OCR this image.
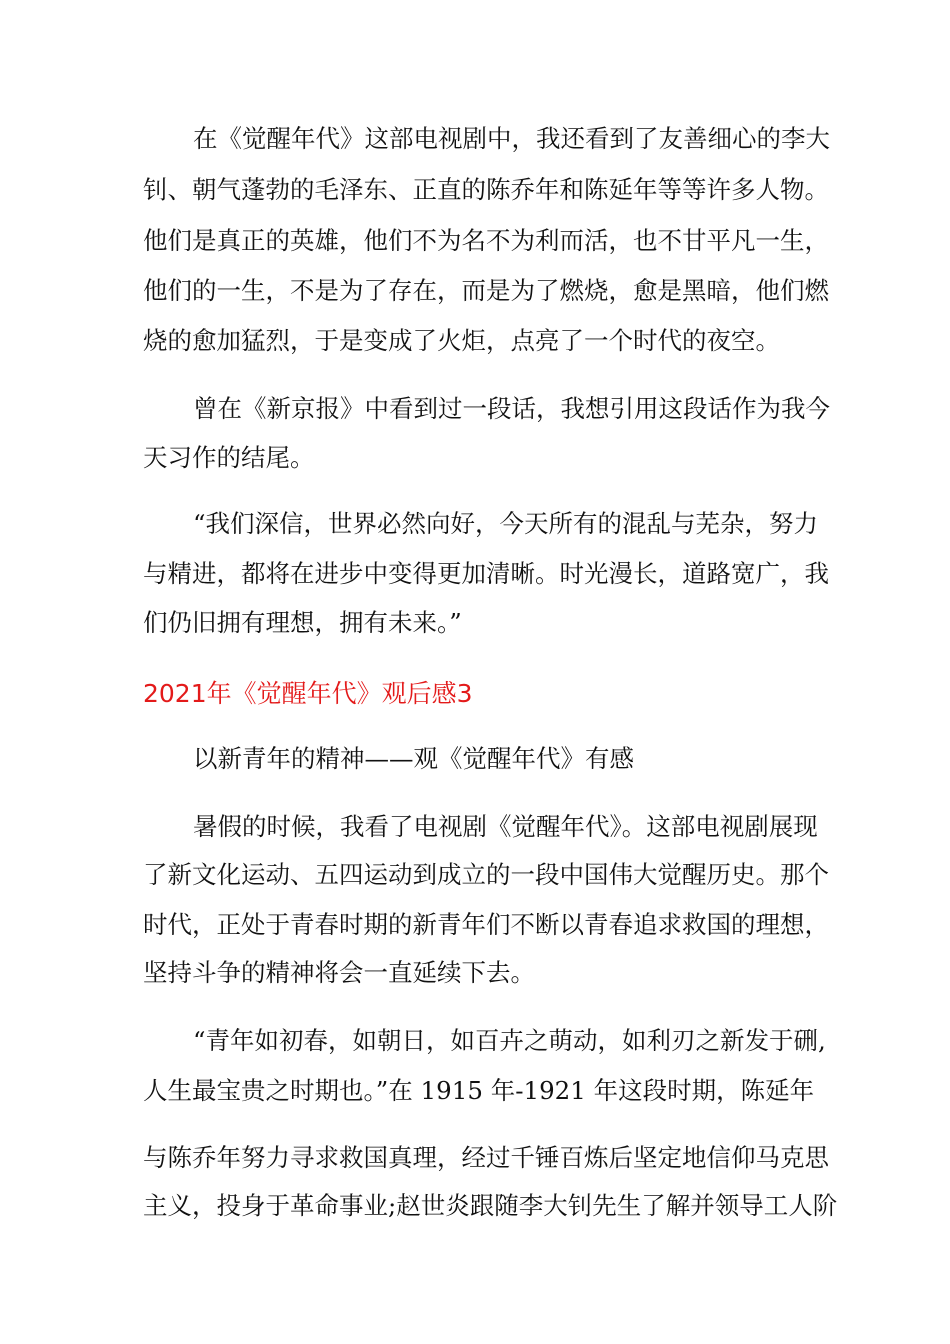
在《觉醒年代》这部电视剧中，我还看到了友善细心的李大
钊、朝气蓬勃的毛泽东、正直的陈乔年和陈延年等等许多人物。
他们是真正的英雄，他们不为名不为利而活，也不甘平凡一生，
他们的一生，不是为了存在，而是为了燃烧，愈是黑暗，他们燃
烧的愈加猛烈，于是变成了火炬，点亮了一个时代的夜空。
曾在《新京报》中看到过一段话，我想引用这段话作为我今
天习作的结尾。
“我们深信，世界必然向好，今天所有的混乱与芜杂，努力
与精进，都将在进步中变得更加清晰。时光漫长，道路宽广，我
们仍旧拥有理想，拥有未来。”
2021年《觉醒年代》观后感3
以新青年的精神——观《觉醒年代》有感
暑假的时候，我看了电视剧《觉醒年代》。这部电视剧展现
了新文化运动、五四运动到成立的一段中国伟大觉醒历史。那个
时代，正处于青春时期的新青年们不断以青春追求救国的理想，
坚持斗争的精神将会一直延续下去。
“青年如初春，如朝日，如百卉之萌动，如利刃之新发于硎,
人生最宝贵之时期也。”在 1915 年-1921 年这段时期，陈延年
与陈乔年努力寻求救国真理，经过千锤百炼后坚定地信仰马克思
主义，投身于革命事业;赵世炎跟随李大钊先生了解并领导工人阶
